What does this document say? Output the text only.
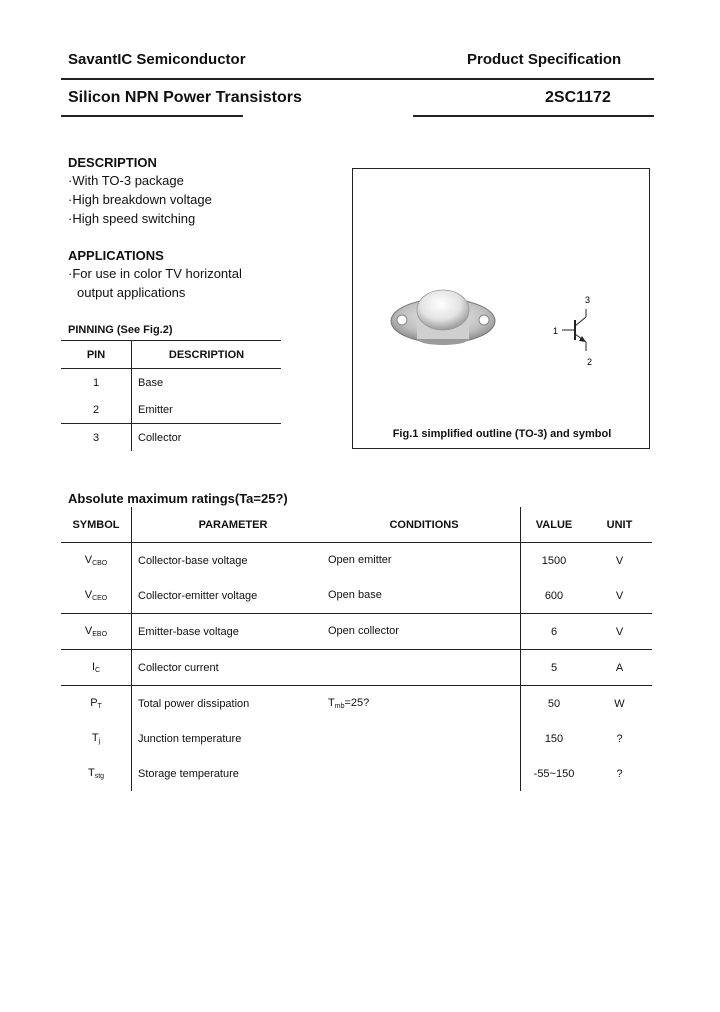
SavantIC Semiconductor	Product Specification
Silicon NPN Power Transistors	2SC1172
DESCRIPTION
·With TO-3 package
·High breakdown voltage
·High speed switching
APPLICATIONS
·For use in color TV horizontal
output applications
PINNING (See Fig.2)
PIN	DESCRIPTION
1	Base
2	Emitter
3	Collector
1
3
2
Fig.1 simplified outline (TO-3) and symbol
Absolute maximum ratings(Ta=25?)
SYMBOL	PARAMETER	CONDITIONS	VALUE	UNIT
$V_{CBO}$	Collector-base voltage	Open emitter	1500	V
$V_{CEO}$	Collector-emitter voltage	Open base	600	V
$V_{EBO}$	Emitter-base voltage	Open collector	6	V
$I_C$	Collector current		5	A
$P_T$	Total power dissipation	$T_{mb}=25$?	50	W
$T_j$	Junction temperature		150	?
$T_{stg}$	Storage temperature		-55~150	?
